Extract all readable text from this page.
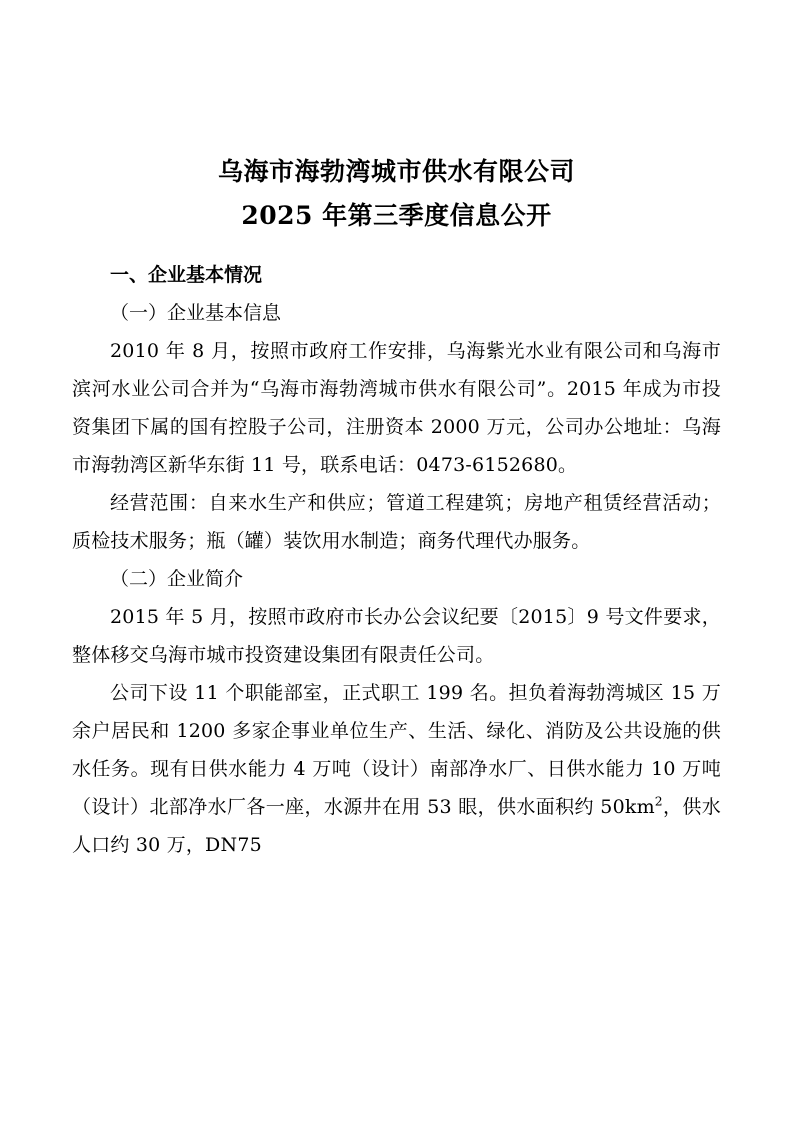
乌海市海勃湾城市供水有限公司
2025 年第三季度信息公开
一、企业基本情况

（一）企业基本信息

2010 年 8 月，按照市政府工作安排，乌海紫光水业有限公司和乌海市滨河水业公司合并为“乌海市海勃湾城市供水有限公司”。2015 年成为市投资集团下属的国有控股子公司，注册资本 2000 万元，公司办公地址：乌海市海勃湾区新华东街 11 号，联系电话：0473-6152680。

经营范围：自来水生产和供应；管道工程建筑；房地产租赁经营活动；质检技术服务；瓶（罐）装饮用水制造；商务代理代办服务。

（二）企业简介

2015 年 5 月，按照市政府市长办公会议纪要〔2015〕9 号文件要求，整体移交乌海市城市投资建设集团有限责任公司。

公司下设 11 个职能部室，正式职工 199 名。担负着海勃湾城区 15 万余户居民和 1200 多家企事业单位生产、生活、绿化、消防及公共设施的供水任务。现有日供水能力 4 万吨（设计）南部净水厂、日供水能力 10 万吨（设计）北部净水厂各一座，水源井在用 53 眼，供水面积约 $50km^2$，供水人口约 30 万，DN75
